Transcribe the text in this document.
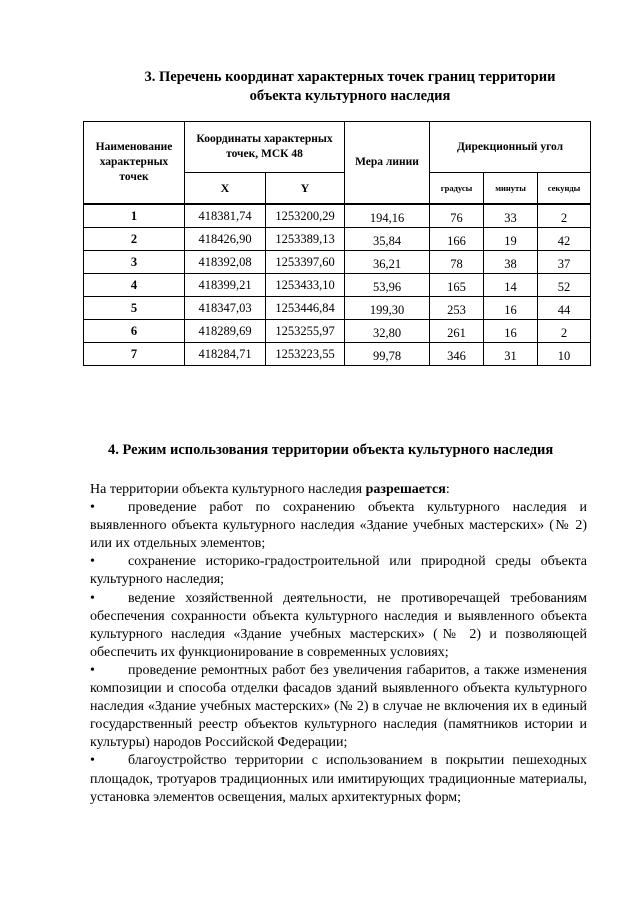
3. Перечень координат характерных точек границ территории
объекта культурного наследия
Наименование характерных точек	Координаты характерных точек, МСК 48		Мера линии	Дирекционный угол		
	X	Y		градусы	минуты	секунды
1	418381,74	1253200,29	194,16	76	33	2
2	418426,90	1253389,13	35,84	166	19	42
3	418392,08	1253397,60	36,21	78	38	37
4	418399,21	1253433,10	53,96	165	14	52
5	418347,03	1253446,84	199,30	253	16	44
6	418289,69	1253255,97	32,80	261	16	2
7	418284,71	1253223,55	99,78	346	31	10
4. Режим использования территории объекта культурного наследия

На территории объекта культурного наследия разрешается:

• проведение работ по сохранению объекта культурного наследия и выявленного объекта культурного наследия «Здание учебных мастерских» (№ 2) или их отдельных элементов;

• сохранение историко-градостроительной или природной среды объекта культурного наследия;

• ведение хозяйственной деятельности, не противоречащей требованиям обеспечения сохранности объекта культурного наследия и выявленного объекта культурного наследия «Здание учебных мастерских» (№ 2) и позволяющей обеспечить их функционирование в современных условиях;

• проведение ремонтных работ без увеличения габаритов, а также изменения композиции и способа отделки фасадов зданий выявленного объекта культурного наследия «Здание учебных мастерских» (№ 2) в случае не включения их в единый государственный реестр объектов культурного наследия (памятников истории и культуры) народов Российской Федерации;

• благоустройство территории с использованием в покрытии пешеходных площадок, тротуаров традиционных или имитирующих традиционные материалы, установка элементов освещения, малых архитектурных форм;
